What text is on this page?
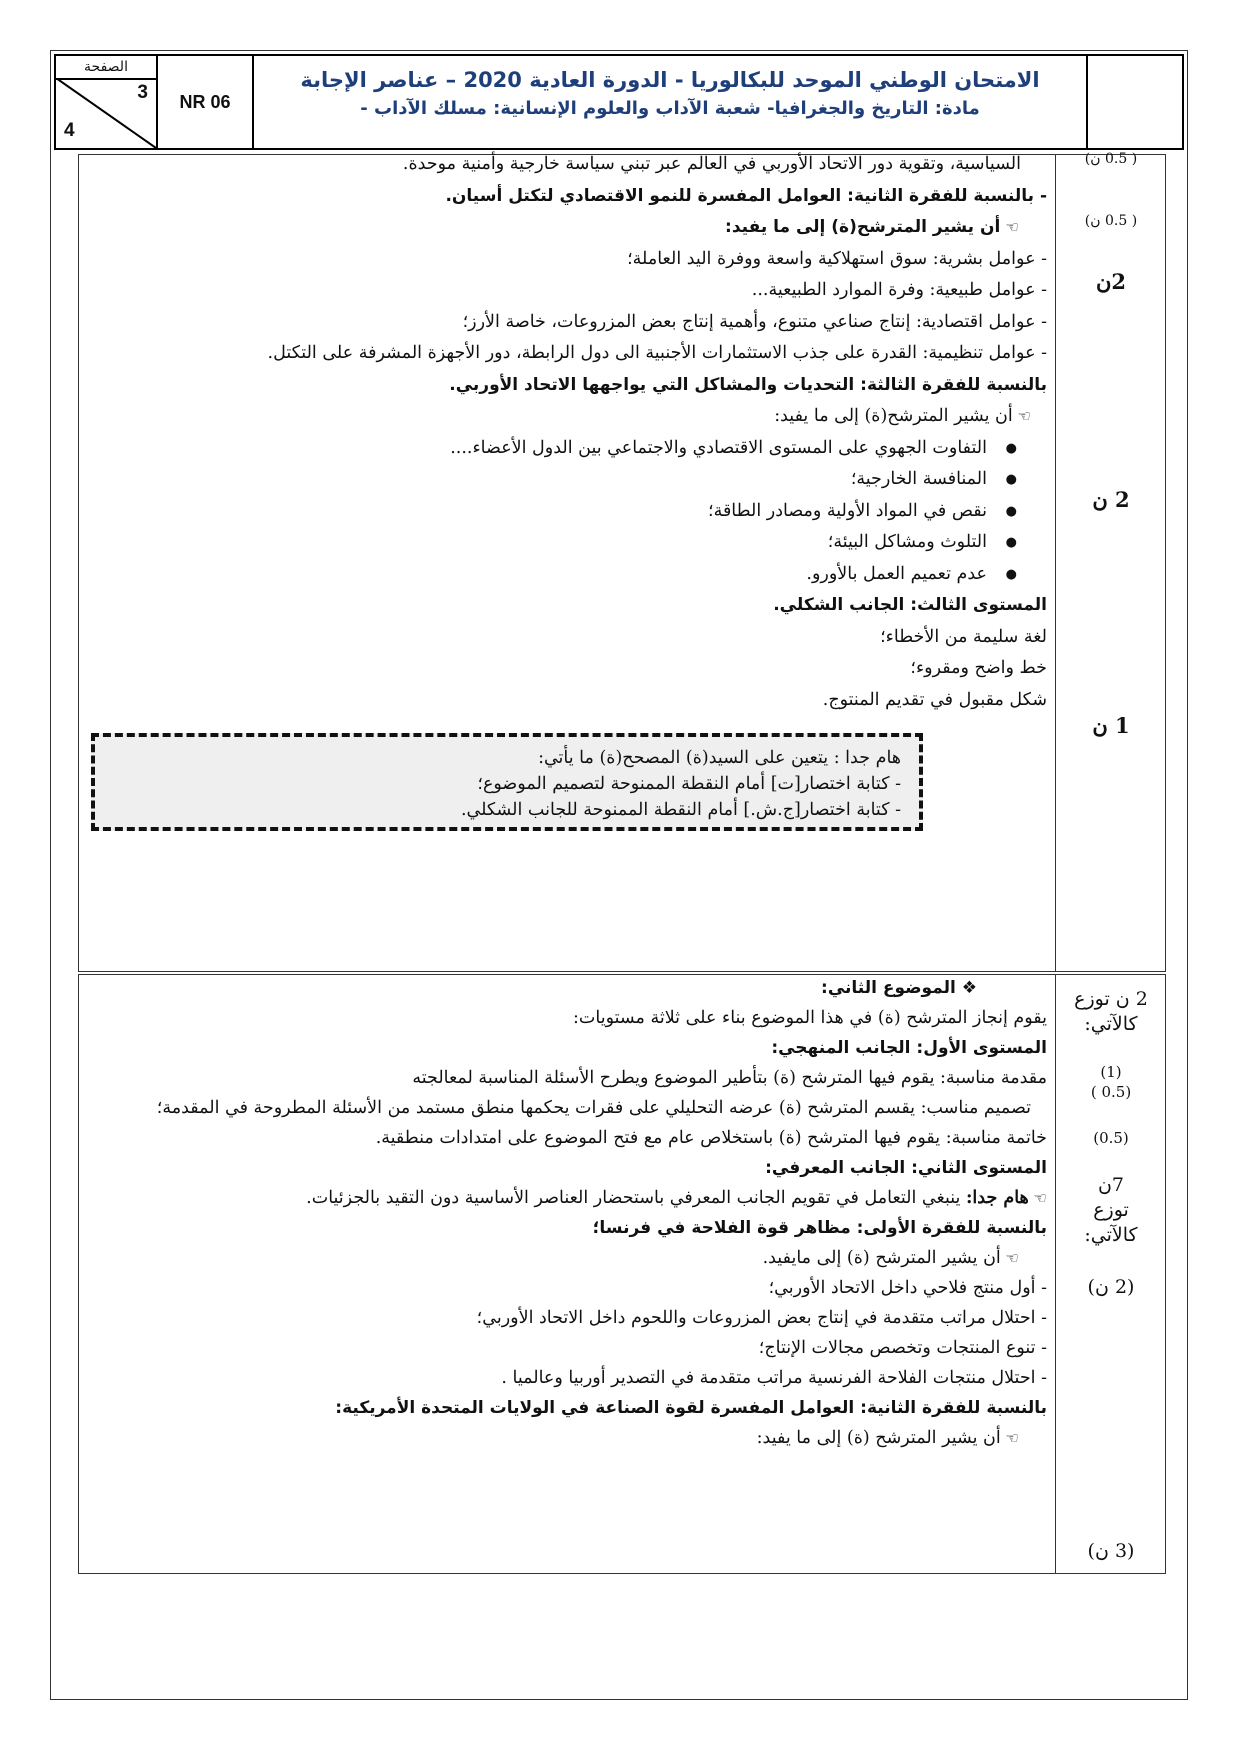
الصفحة
3
4
NR 06
الامتحان الوطني الموحد للبكالوريا - الدورة العادية 2020 – عناصر الإجابة
- مادة: التاريخ والجغرافيا- شعبة الآداب والعلوم الإنسانية: مسلك الآداب

السياسية، وتقوية دور الاتحاد الأوربي في العالم عبر تبني سياسة خارجية وأمنية موحدة.

- بالنسبة للفقرة الثانية: العوامل المفسرة للنمو الاقتصادي لتكتل أسيان.

☜ أن يشير المترشح(ة) إلى ما يفيد:

- عوامل بشرية: سوق استهلاكية واسعة ووفرة اليد العاملة؛

- عوامل طبيعية: وفرة الموارد الطبيعية...

- عوامل اقتصادية: إنتاج صناعي متنوع، وأهمية إنتاج بعض المزروعات، خاصة الأرز؛

- عوامل تنظيمية: القدرة على جذب الاستثمارات الأجنبية الى دول الرابطة، دور الأجهزة المشرفة على التكتل.

بالنسبة للفقرة الثالثة: التحديات والمشاكل التي يواجهها الاتحاد الأوربي.

☜ أن يشير المترشح(ة) إلى ما يفيد:

● التفاوت الجهوي على المستوى الاقتصادي والاجتماعي بين الدول الأعضاء....
● المنافسة الخارجية؛
● نقص في المواد الأولية ومصادر الطاقة؛
● التلوث ومشاكل البيئة؛
● عدم تعميم العمل بالأورو.

المستوى الثالث: الجانب الشكلي.

لغة سليمة من الأخطاء؛

خط واضح ومقروء؛

شكل مقبول في تقديم المنتوج.

هام جدا : يتعين على السيد(ة) المصحح(ة) ما يأتي:

- كتابة اختصار[ت] أمام النقطة الممنوحة لتصميم الموضوع؛

- كتابة اختصار[ج.ش.] أمام النقطة الممنوحة للجانب الشكلي.

( 0.5 ن)
( 0.5 ن)
2ن
2 ن
1 ن

❖ الموضوع الثاني:

يقوم إنجاز المترشح (ة) في هذا الموضوع بناء على ثلاثة مستويات:

المستوى الأول: الجانب المنهجي:

مقدمة مناسبة: يقوم فيها المترشح (ة) بتأطير الموضوع ويطرح الأسئلة المناسبة لمعالجته

تصميم مناسب: يقسم المترشح (ة) عرضه التحليلي على فقرات يحكمها منطق مستمد من الأسئلة المطروحة في المقدمة؛

خاتمة مناسبة: يقوم فيها المترشح (ة) باستخلاص عام مع فتح الموضوع على امتدادات منطقية.

المستوى الثاني: الجانب المعرفي:

☜ هام جدا: ينبغي التعامل في تقويم الجانب المعرفي باستحضار العناصر الأساسية دون التقيد بالجزئيات.

بالنسبة للفقرة الأولى: مظاهر قوة الفلاحة في فرنسا؛

☜ أن يشير المترشح (ة) إلى مايفيد.

- أول منتج فلاحي داخل الاتحاد الأوربي؛

- احتلال مراتب متقدمة في إنتاج بعض المزروعات واللحوم داخل الاتحاد الأوربي؛

- تنوع المنتجات وتخصص مجالات الإنتاج؛

- احتلال منتجات الفلاحة الفرنسية مراتب متقدمة في التصدير أوربيا وعالميا .

بالنسبة للفقرة الثانية: العوامل المفسرة لقوة الصناعة في الولايات المتحدة الأمريكية:

☜ أن يشير المترشح (ة) إلى ما يفيد:

2 ن توزع كالآتي:
(1)
(0.5 )
(0.5)
7ن توزع كالآتي:
(2 ن)
(3 ن)
